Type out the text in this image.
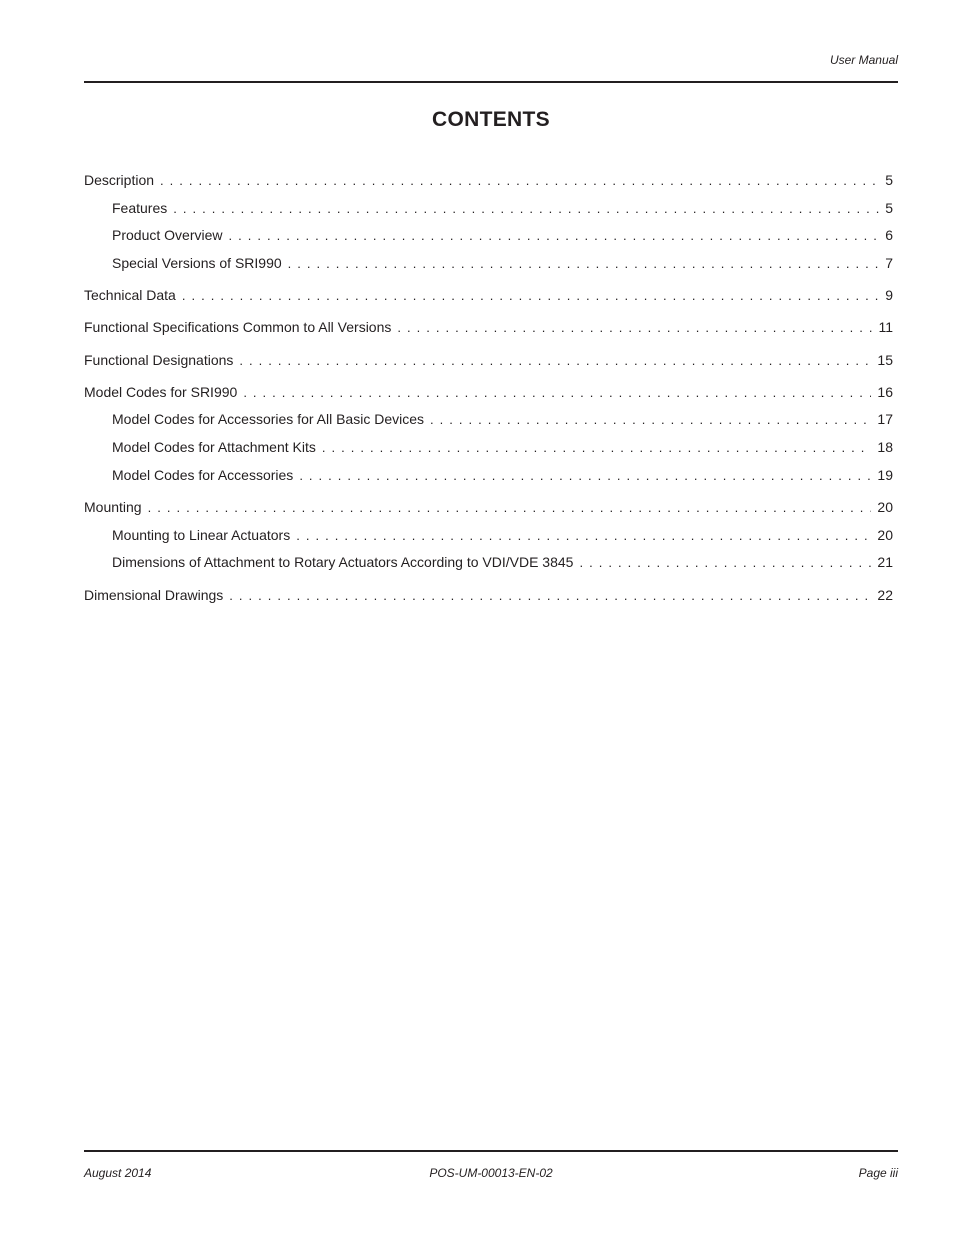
User Manual
CONTENTS
Description . . .	5
Features . . .	5
Product Overview . . .	6
Special Versions of SRI990 . . .	7
Technical Data . . .	9
Functional Specifications Common to All Versions . . .	11
Functional Designations . . .	15
Model Codes for SRI990 . . .	16
Model Codes for Accessories for All Basic Devices . . .	17
Model Codes for Attachment Kits . . .	18
Model Codes for Accessories . . .	19
Mounting . . .	20
Mounting to Linear Actuators . . .	20
Dimensions of Attachment to Rotary Actuators According to VDI/VDE 3845 . . .	21
Dimensional Drawings . . .	22
August 2014	POS-UM-00013-EN-02	Page iii
